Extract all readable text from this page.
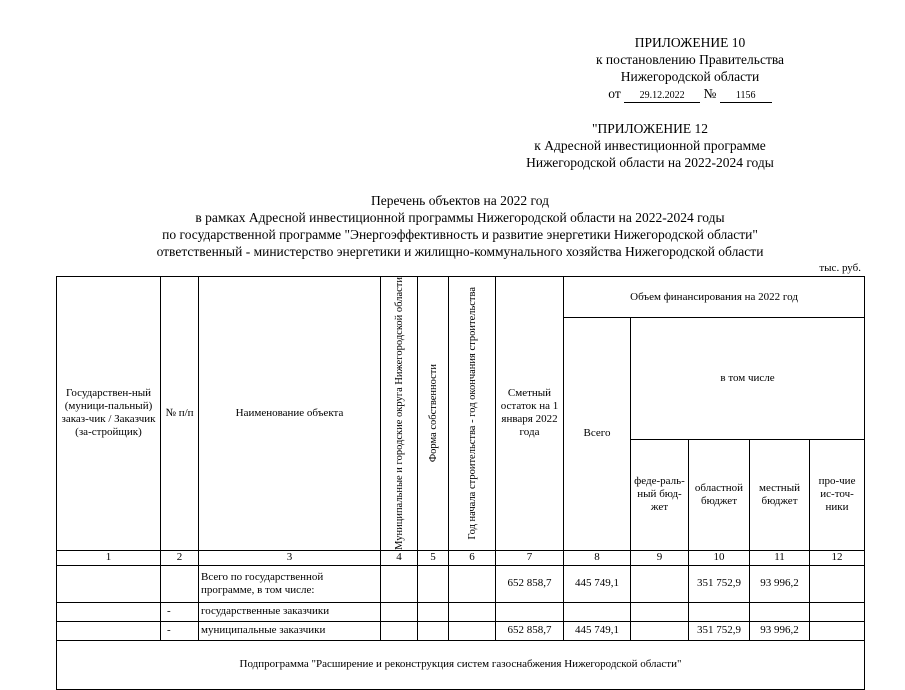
ПРИЛОЖЕНИЕ 10
к постановлению Правительства
Нижегородской области
от 29.12.2022 № 1156
"ПРИЛОЖЕНИЕ 12
к Адресной инвестиционной программе
Нижегородской области на 2022-2024 годы
Перечень объектов на 2022 год
в рамках Адресной инвестиционной программы Нижегородской области на 2022-2024 годы
по государственной программе "Энергоэффективность и развитие энергетики Нижегородской области"
ответственный - министерство энергетики и жилищно-коммунального хозяйства Нижегородской области
тыс. руб.
Государствен-ный (муници-пальный) заказ-чик / Заказчик (за-стройщик)	№ п/п	Наименование объекта	Муниципальные и городские округа Нижегородской области	Форма собственности	Год начала строительства - год окончания строительства	Сметный остаток на 1 января 2022 года	Объем финансирования на 2022 год				
							Всего	в том числе			
								феде-раль-ный бюд-жет	областной бюджет	местный бюджет	про-чие ис-точ-ники
1	2	3	4	5	6	7	8	9	10	11	12
		Всего по государственной программе, в том числе:				652 858,7	445 749,1		351 752,9	93 996,2	
	-	государственные заказчики									
	-	муниципальные заказчики				652 858,7	445 749,1		351 752,9	93 996,2	
Подпрограмма "Расширение и реконструкция систем газоснабжения Нижегородской области"											
